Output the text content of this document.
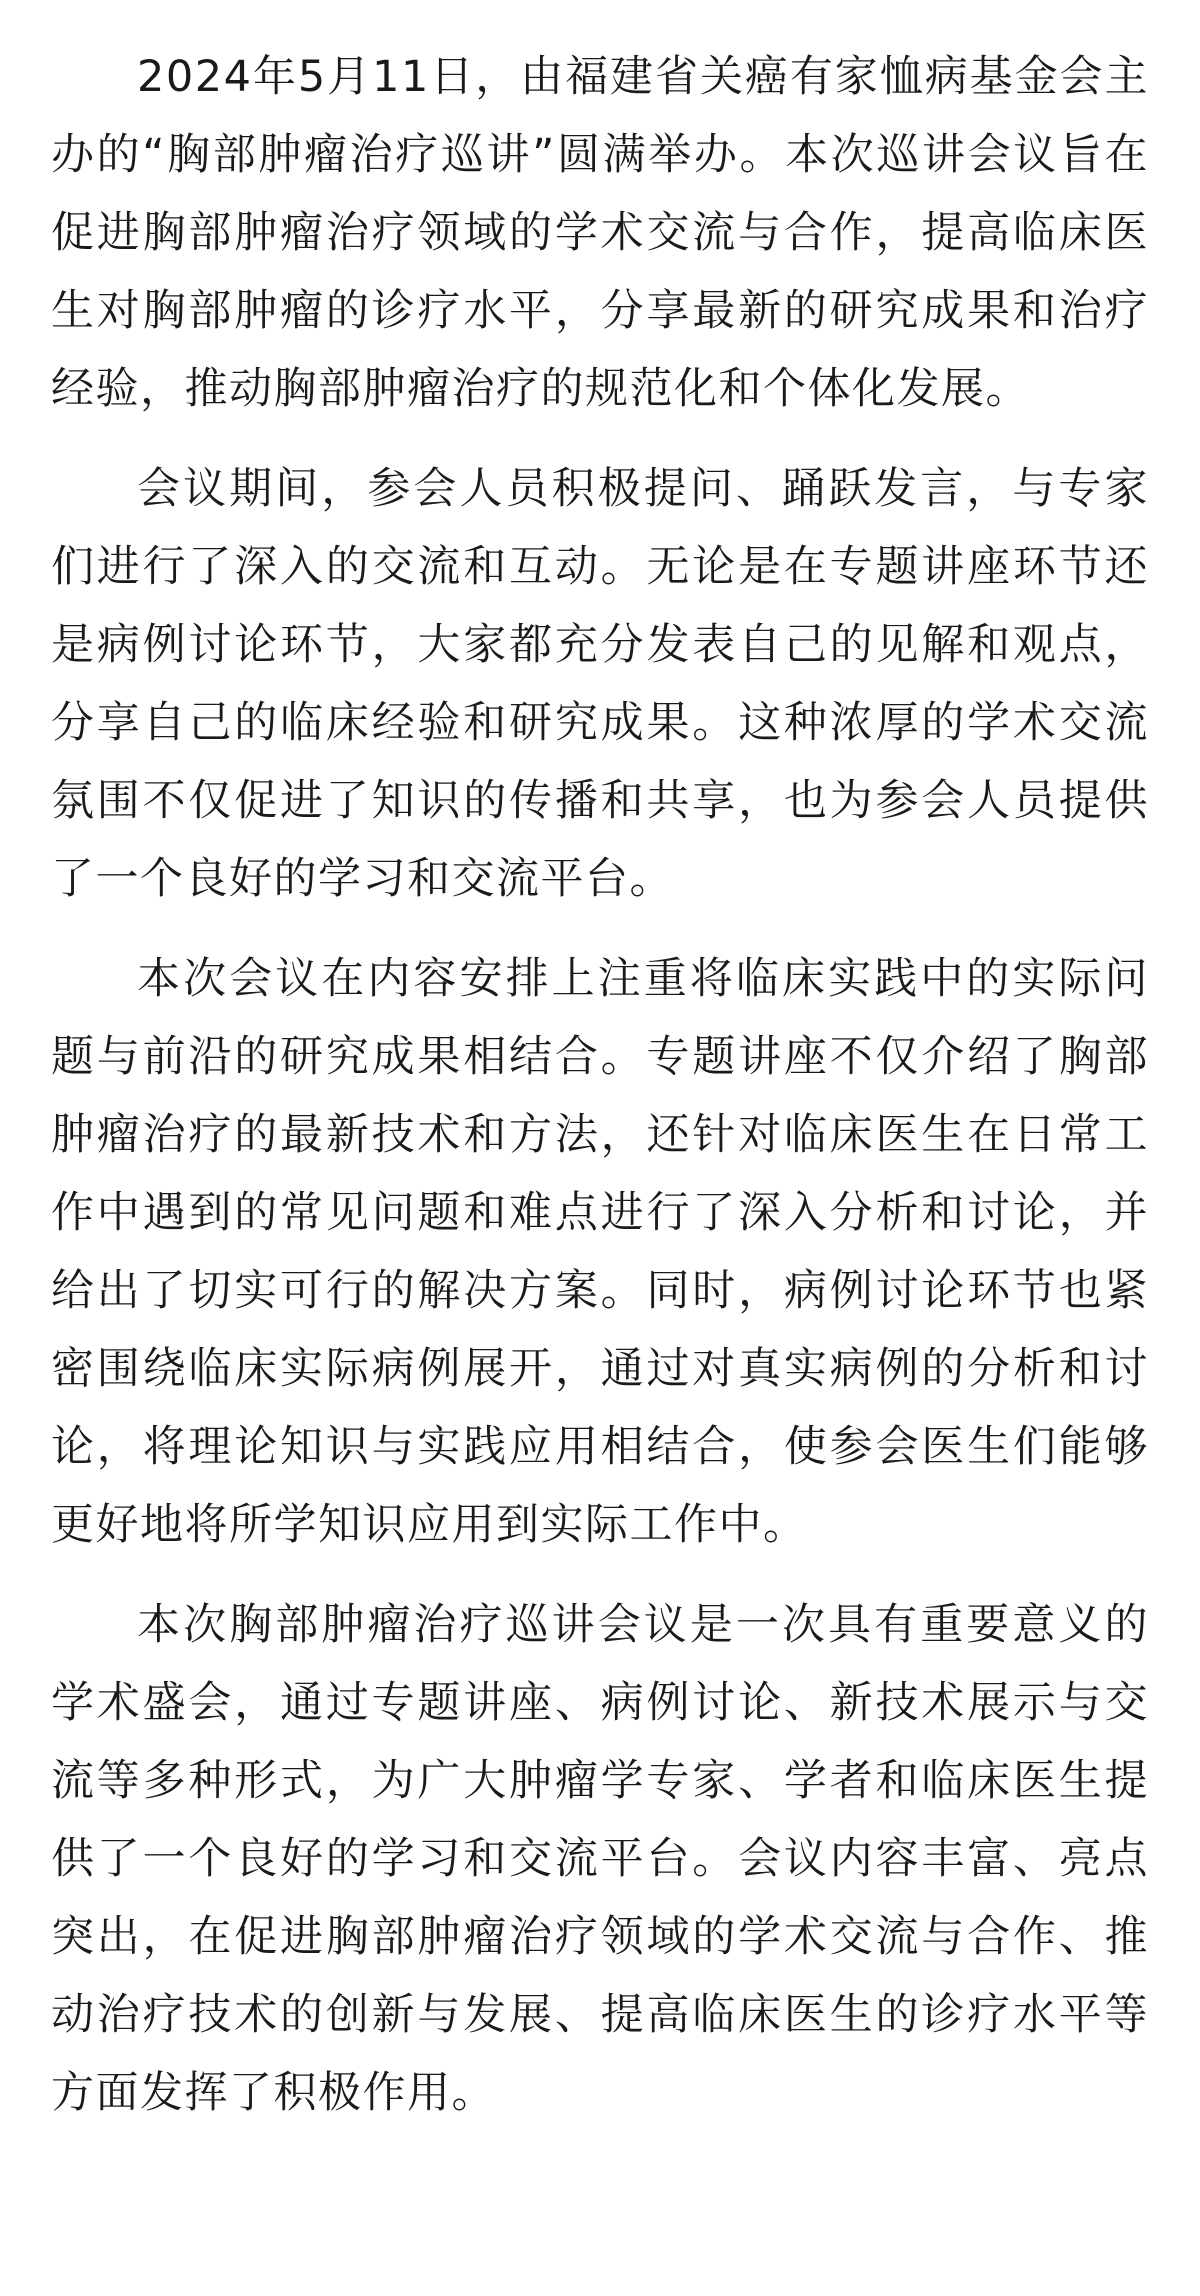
2024年5月11日，由福建省关癌有家恤病基金会主办的“胸部肿瘤治疗巡讲”圆满举办。本次巡讲会议旨在促进胸部肿瘤治疗领域的学术交流与合作，提高临床医生对胸部肿瘤的诊疗水平，分享最新的研究成果和治疗经验，推动胸部肿瘤治疗的规范化和个体化发展。

会议期间，参会人员积极提问、踊跃发言，与专家们进行了深入的交流和互动。无论是在专题讲座环节还是病例讨论环节，大家都充分发表自己的见解和观点，分享自己的临床经验和研究成果。这种浓厚的学术交流氛围不仅促进了知识的传播和共享，也为参会人员提供了一个良好的学习和交流平台。

本次会议在内容安排上注重将临床实践中的实际问题与前沿的研究成果相结合。专题讲座不仅介绍了胸部肿瘤治疗的最新技术和方法，还针对临床医生在日常工作中遇到的常见问题和难点进行了深入分析和讨论，并给出了切实可行的解决方案。同时，病例讨论环节也紧密围绕临床实际病例展开，通过对真实病例的分析和讨论，将理论知识与实践应用相结合，使参会医生们能够更好地将所学知识应用到实际工作中。

本次胸部肿瘤治疗巡讲会议是一次具有重要意义的学术盛会，通过专题讲座、病例讨论、新技术展示与交流等多种形式，为广大肿瘤学专家、学者和临床医生提供了一个良好的学习和交流平台。会议内容丰富、亮点突出，在促进胸部肿瘤治疗领域的学术交流与合作、推动治疗技术的创新与发展、提高临床医生的诊疗水平等方面发挥了积极作用。
